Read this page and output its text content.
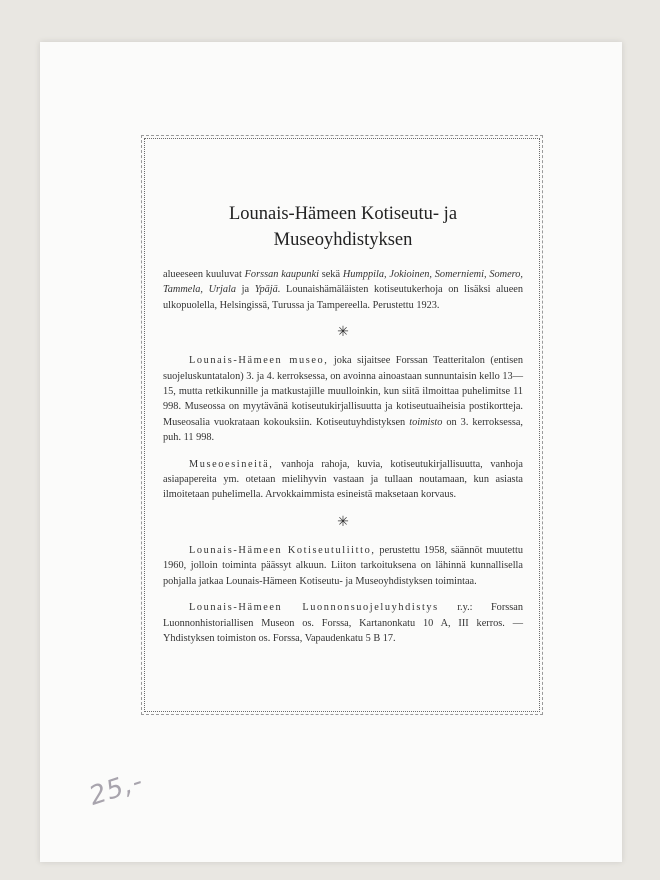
Lounais-Hämeen Kotiseutu- ja
Museoyhdistyksen

alueeseen kuuluvat Forssan kaupunki sekä Humppila, Jokioinen, Somerniemi, Somero, Tammela, Urjala ja Ypäjä. Lounaishämäläisten kotiseutukerhoja on lisäksi alueen ulkopuolella, Helsingissä, Turussa ja Tampereella. Perustettu 1923.

✳

Lounais-Hämeen museo, joka sijaitsee Forssan Teatteritalon (entisen suojeluskuntatalon) 3. ja 4. kerroksessa, on avoinna ainoastaan sunnuntaisin kello 13—15, mutta retkikunnille ja matkustajille muulloinkin, kun siitä ilmoittaa puhelimitse 11 998. Museossa on myytävänä kotiseutukirjallisuutta ja kotiseutuaiheisia postikortteja. Museosalia vuokrataan kokouksiin. Kotiseutuyhdistyksen toimisto on 3. kerroksessa, puh. 11 998.

Museoesineitä, vanhoja rahoja, kuvia, kotiseutukirjallisuutta, vanhoja asiapapereita ym. otetaan mielihyvin vastaan ja tullaan noutamaan, kun asiasta ilmoitetaan puhelimella. Arvokkaimmista esineistä maksetaan korvaus.

✳

Lounais-Hämeen Kotiseutuliitto, perustettu 1958, säännöt muutettu 1960, jolloin toiminta päässyt alkuun. Liiton tarkoituksena on lähinnä kunnallisella pohjalla jatkaa Lounais-Hämeen Kotiseutu- ja Museoyhdistyksen toimintaa.

Lounais-Hämeen Luonnonsuojeluyhdistys r.y.: Forssan Luonnonhistoriallisen Museon os. Forssa, Kartanonkatu 10 A, III kerros. — Yhdistyksen toimiston os. Forssa, Vapaudenkatu 5 B 17.

25,-
